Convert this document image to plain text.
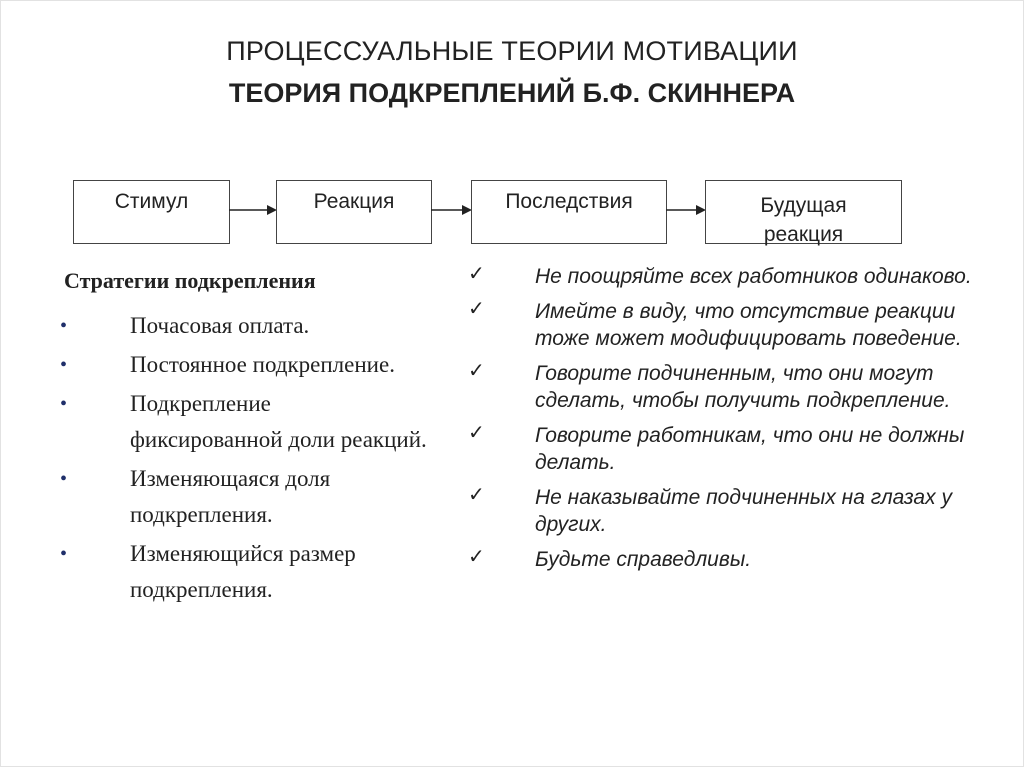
ПРОЦЕССУАЛЬНЫЕ ТЕОРИИ МОТИВАЦИИ
ТЕОРИЯ ПОДКРЕПЛЕНИЙ Б.Ф. СКИННЕРА
Стимул	Реакция	Последствия	Будущая
реакция
Стратегии подкрепления
•	Почасовая оплата.
•	Постоянное подкрепление.
•	Подкрепление фиксированной доли реакций.
•	Изменяющаяся доля подкрепления.
•	Изменяющийся размер подкрепления.
✓ Не поощряйте всех работников одинаково.
✓ Имейте в виду, что отсутствие реакции тоже может модифицировать поведение.
✓ Говорите подчиненным, что они могут сделать, чтобы получить подкрепление.
✓ Говорите работникам, что они не должны делать.
✓ Не наказывайте подчиненных на глазах у других.
✓ Будьте справедливы.
